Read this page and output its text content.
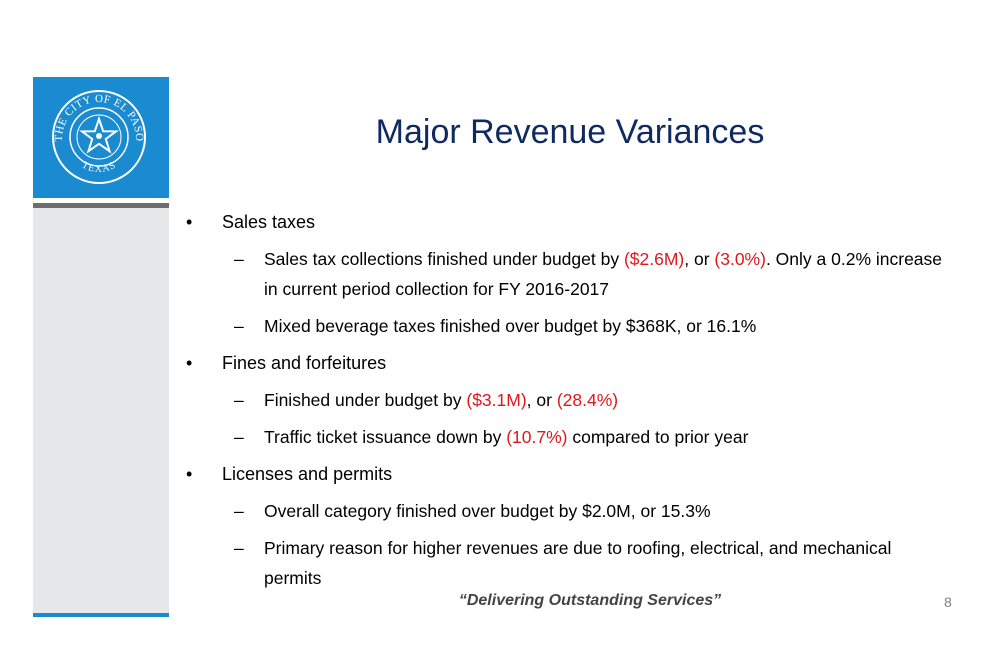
THE CITY OF EL PASO
TEXAS
Major Revenue Variances
• Sales taxes
– Sales tax collections finished under budget by ($2.6M), or (3.0%). Only a 0.2% increase in current period collection for FY 2016-2017
– Mixed beverage taxes finished over budget by $368K, or 16.1%
• Fines and forfeitures
– Finished under budget by ($3.1M), or (28.4%)
– Traffic ticket issuance down by (10.7%) compared to prior year
• Licenses and permits
– Overall category finished over budget by $2.0M, or 15.3%
– Primary reason for higher revenues are due to roofing, electrical, and mechanical permits
“Delivering Outstanding Services”	8
